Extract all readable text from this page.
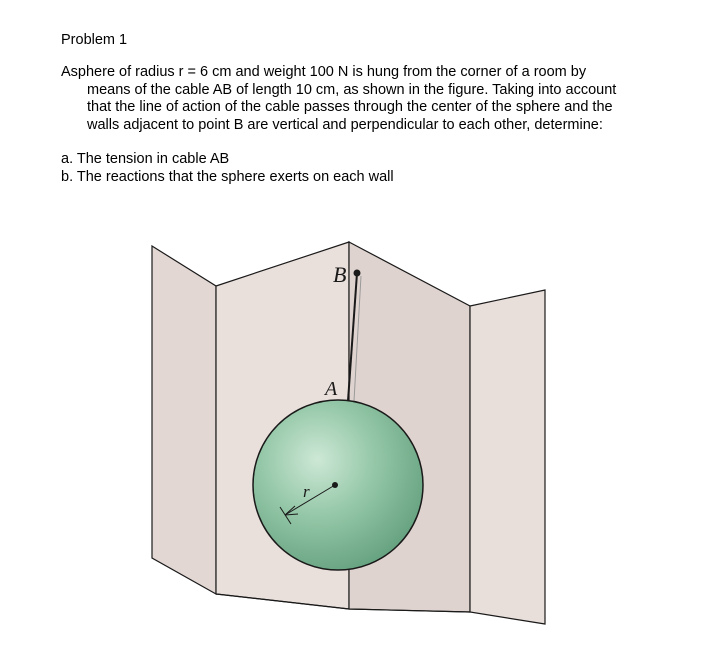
Problem 1
Asphere of radius r = 6 cm and weight 100 N is hung from the corner of a room by
means of the cable AB of length 10 cm, as shown in the figure. Taking into account
that the line of action of the cable passes through the center of the sphere and the
walls adjacent to point B are vertical and perpendicular to each other, determine:
a. The tension in cable AB
b. The reactions that the sphere exerts on each wall
B
A
r
